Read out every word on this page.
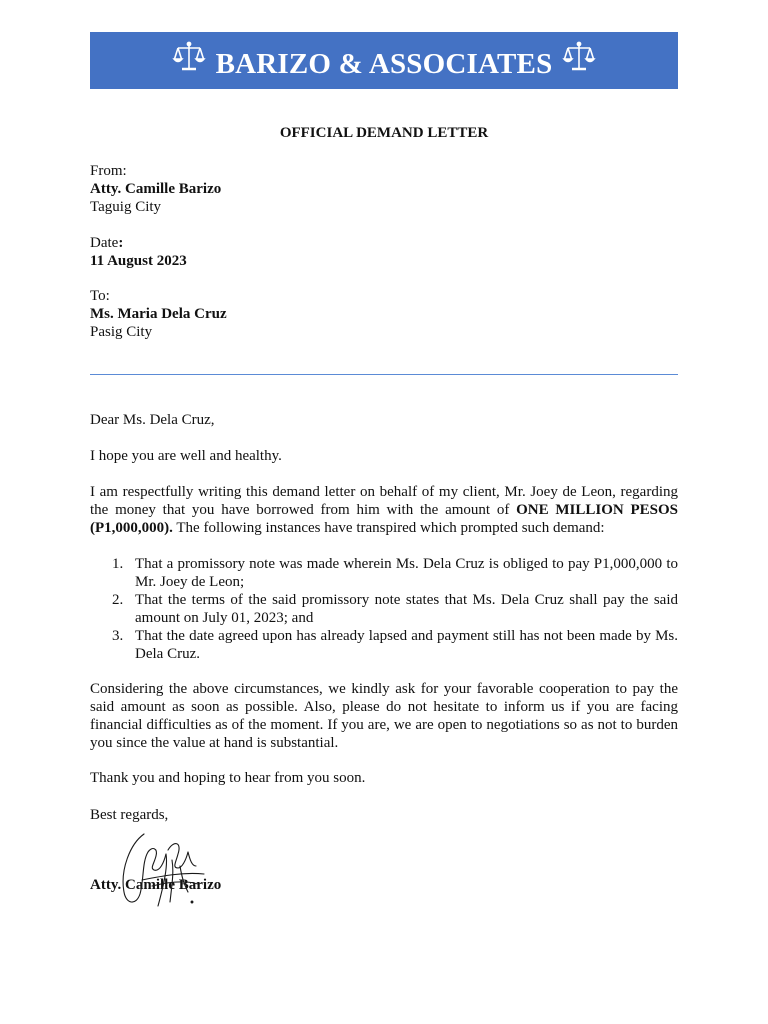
BARIZO & ASSOCIATES
OFFICIAL DEMAND LETTER
From:
Atty. Camille Barizo
Taguig City
Date:
11 August 2023
To:
Ms. Maria Dela Cruz
Pasig City

Dear Ms. Dela Cruz,

I hope you are well and healthy.

I am respectfully writing this demand letter on behalf of my client, Mr. Joey de Leon, regarding the money that you have borrowed from him with the amount of ONE MILLION PESOS (P1,000,000). The following instances have transpired which prompted such demand:

1. That a promissory note was made wherein Ms. Dela Cruz is obliged to pay P1,000,000 to Mr. Joey de Leon;
2. That the terms of the said promissory note states that Ms. Dela Cruz shall pay the said amount on July 01, 2023; and
3. That the date agreed upon has already lapsed and payment still has not been made by Ms. Dela Cruz.

Considering the above circumstances, we kindly ask for your favorable cooperation to pay the said amount as soon as possible. Also, please do not hesitate to inform us if you are facing financial difficulties as of the moment. If you are, we are open to negotiations so as not to burden you since the value at hand is substantial.

Thank you and hoping to hear from you soon.

Best regards,

Atty. Camille Barizo
